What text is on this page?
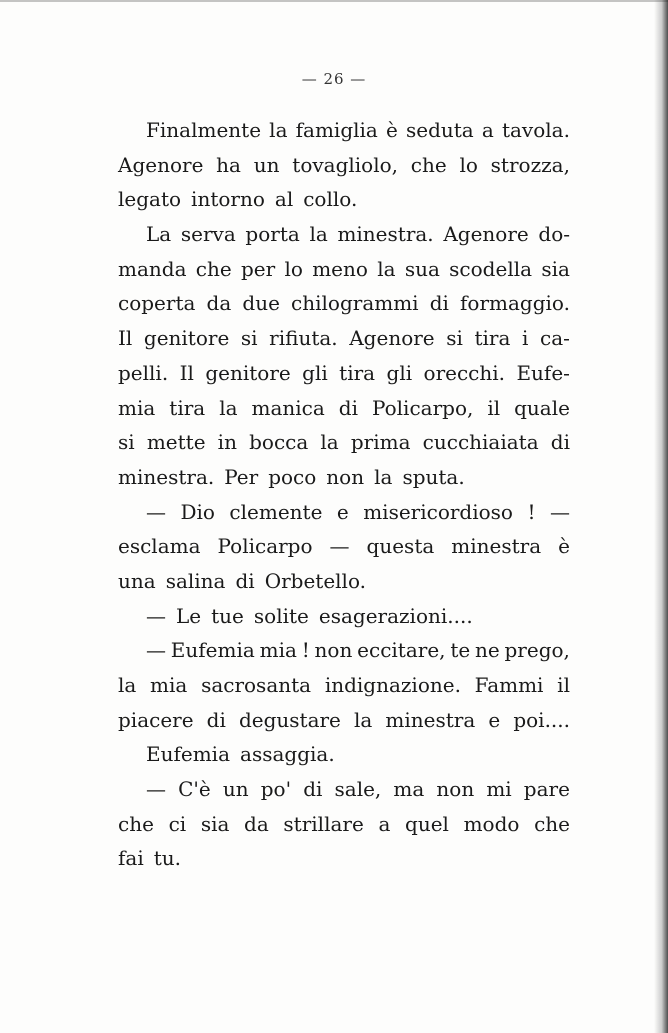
— 26 —
Finalmente la famiglia è seduta a tavola.
Agenore ha un tovagliolo, che lo strozza,
legato intorno al collo.
La serva porta la minestra. Agenore do-
manda che per lo meno la sua scodella sia
coperta da due chilogrammi di formaggio.
Il genitore si rifiuta. Agenore si tira i ca-
pelli. Il genitore gli tira gli orecchi. Eufe-
mia tira la manica di Policarpo, il quale
si mette in bocca la prima cucchiaiata di
minestra. Per poco non la sputa.
— Dio clemente e misericordioso ! —
esclama Policarpo — questa minestra è
una salina di Orbetello.
— Le tue solite esagerazioni....
— Eufemia mia ! non eccitare, te ne prego,
la mia sacrosanta indignazione. Fammi il
piacere di degustare la minestra e poi....
Eufemia assaggia.
— C'è un po' di sale, ma non mi pare
che ci sia da strillare a quel modo che
fai tu.
